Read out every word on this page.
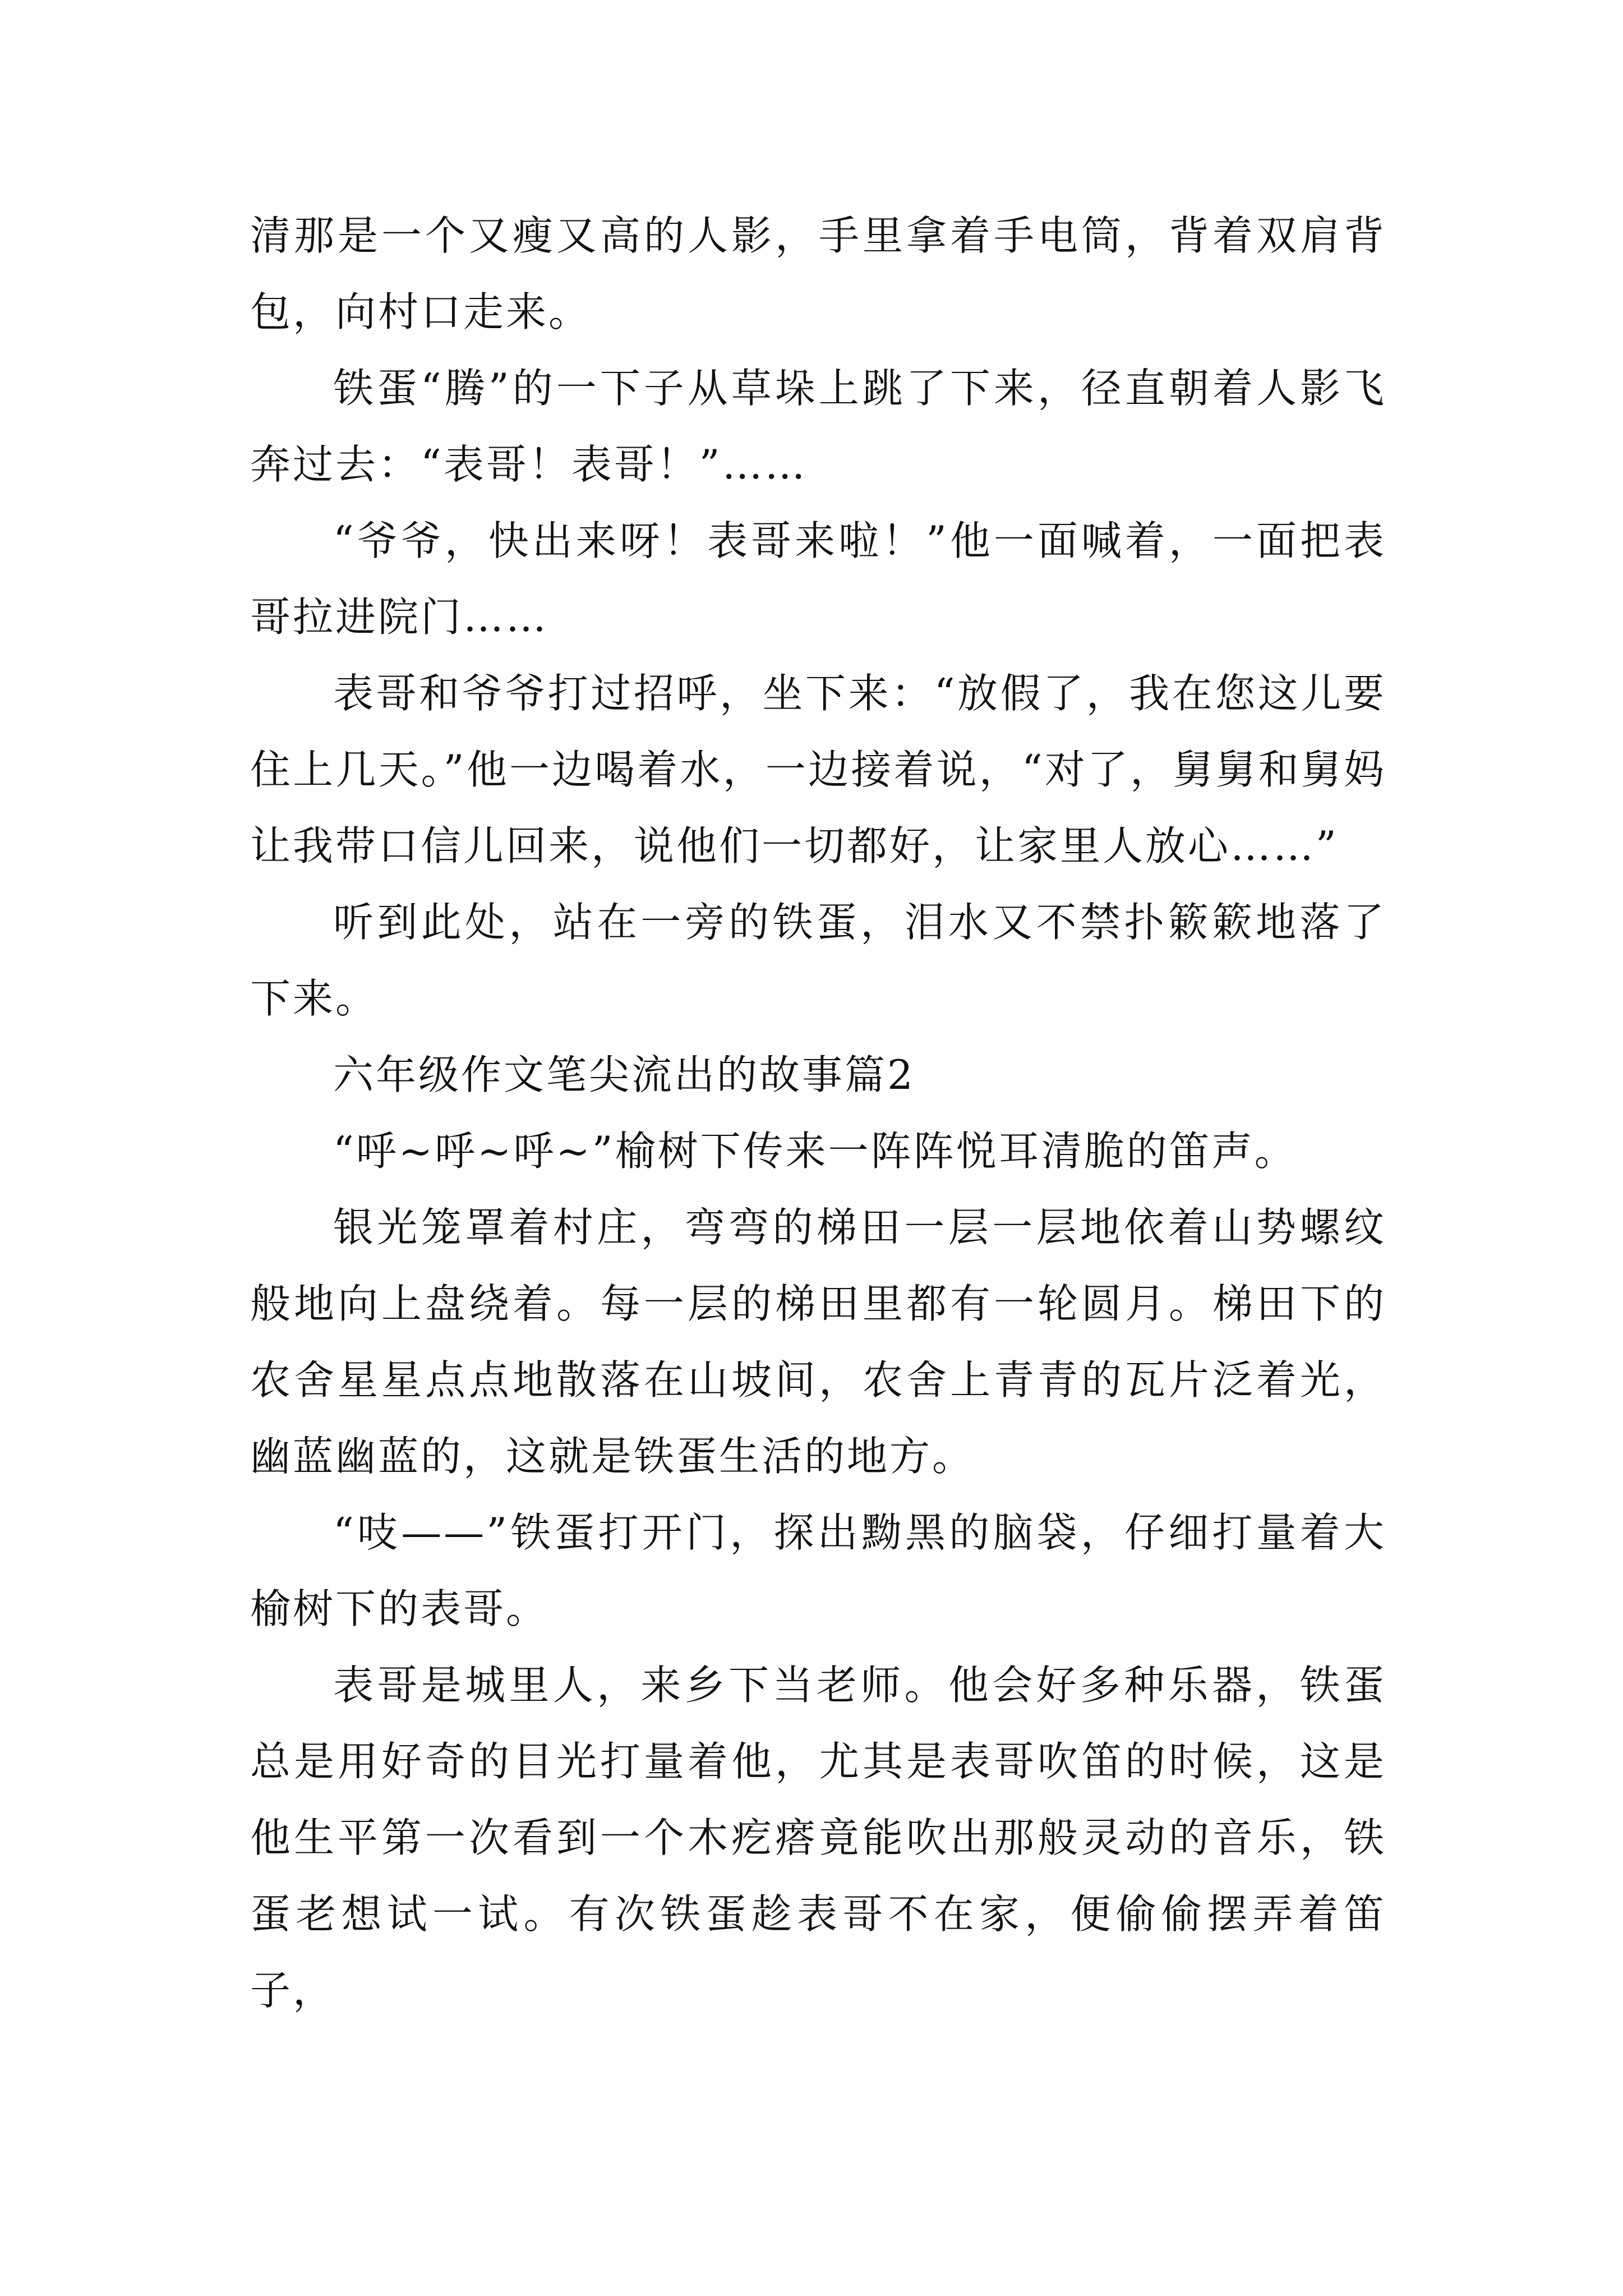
清那是一个又瘦又高的人影，手里拿着手电筒，背着双肩背包，向村口走来。

铁蛋“腾”的一下子从草垛上跳了下来，径直朝着人影飞奔过去：“表哥！表哥！”……

“爷爷，快出来呀！表哥来啦！”他一面喊着，一面把表哥拉进院门……

表哥和爷爷打过招呼，坐下来：“放假了，我在您这儿要住上几天。”他一边喝着水，一边接着说，“对了，舅舅和舅妈让我带口信儿回来，说他们一切都好，让家里人放心……”

听到此处，站在一旁的铁蛋，泪水又不禁扑簌簌地落了下来。

六年级作文笔尖流出的故事篇2

“呼~呼~呼~”榆树下传来一阵阵悦耳清脆的笛声。

银光笼罩着村庄，弯弯的梯田一层一层地依着山势螺纹般地向上盘绕着。每一层的梯田里都有一轮圆月。梯田下的农舍星星点点地散落在山坡间，农舍上青青的瓦片泛着光，幽蓝幽蓝的，这就是铁蛋生活的地方。

“吱——”铁蛋打开门，探出黝黑的脑袋，仔细打量着大榆树下的表哥。

表哥是城里人，来乡下当老师。他会好多种乐器，铁蛋总是用好奇的目光打量着他，尤其是表哥吹笛的时候，这是他生平第一次看到一个木疙瘩竟能吹出那般灵动的音乐，铁蛋老想试一试。有次铁蛋趁表哥不在家，便偷偷摆弄着笛子，
